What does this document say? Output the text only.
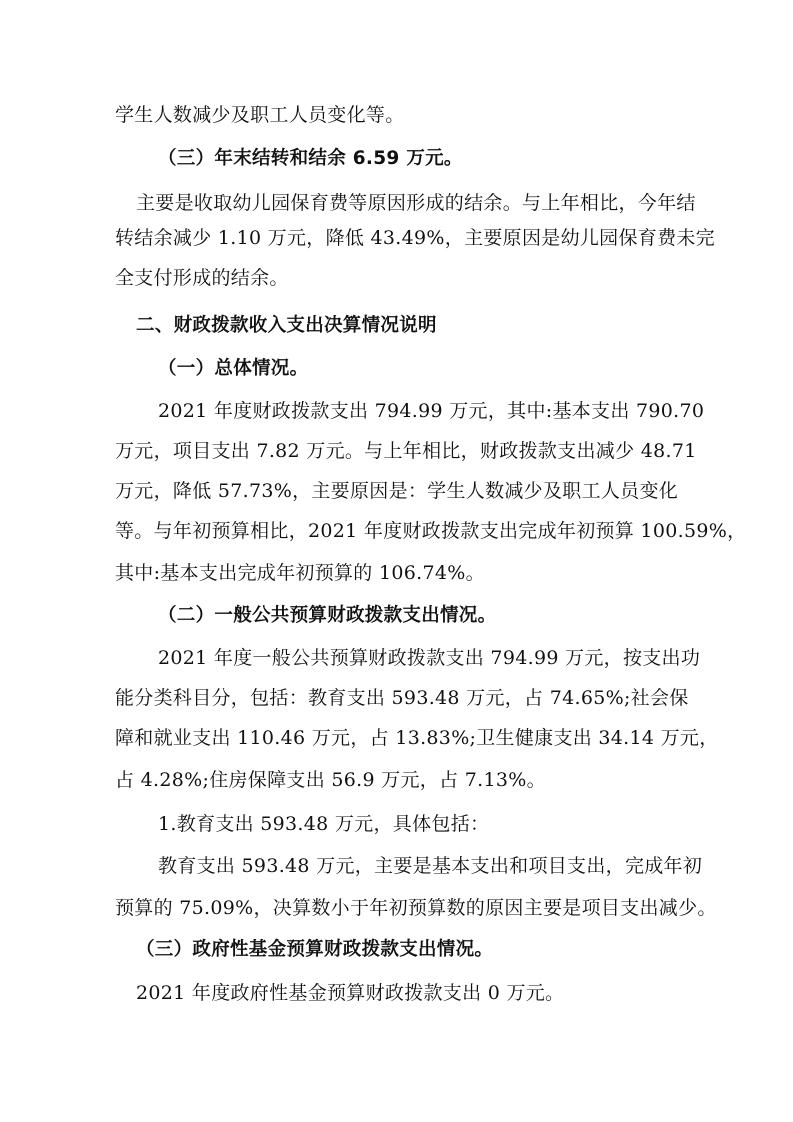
学生人数减少及职工人员变化等。
（三）年末结转和结余 6.59 万元。
主要是收取幼儿园保育费等原因形成的结余。与上年相比，今年结
转结余减少 1.10 万元，降低 43.49%，主要原因是幼儿园保育费未完
全支付形成的结余。
二、财政拨款收入支出决算情况说明
（一）总体情况。
2021 年度财政拨款支出 794.99 万元，其中:基本支出 790.70
万元，项目支出 7.82 万元。与上年相比，财政拨款支出减少 48.71
万元，降低 57.73%，主要原因是：学生人数减少及职工人员变化
等。与年初预算相比，2021 年度财政拨款支出完成年初预算 100.59%，
其中:基本支出完成年初预算的 106.74%。
（二）一般公共预算财政拨款支出情况。
2021 年度一般公共预算财政拨款支出 794.99 万元，按支出功
能分类科目分，包括：教育支出 593.48 万元，占 74.65%;社会保
障和就业支出 110.46 万元，占 13.83%;卫生健康支出 34.14 万元，
占 4.28%;住房保障支出 56.9 万元，占 7.13%。
1.教育支出 593.48 万元，具体包括：
教育支出 593.48 万元，主要是基本支出和项目支出，完成年初
预算的 75.09%，决算数小于年初预算数的原因主要是项目支出减少。
（三）政府性基金预算财政拨款支出情况。
2021 年度政府性基金预算财政拨款支出 0 万元。
